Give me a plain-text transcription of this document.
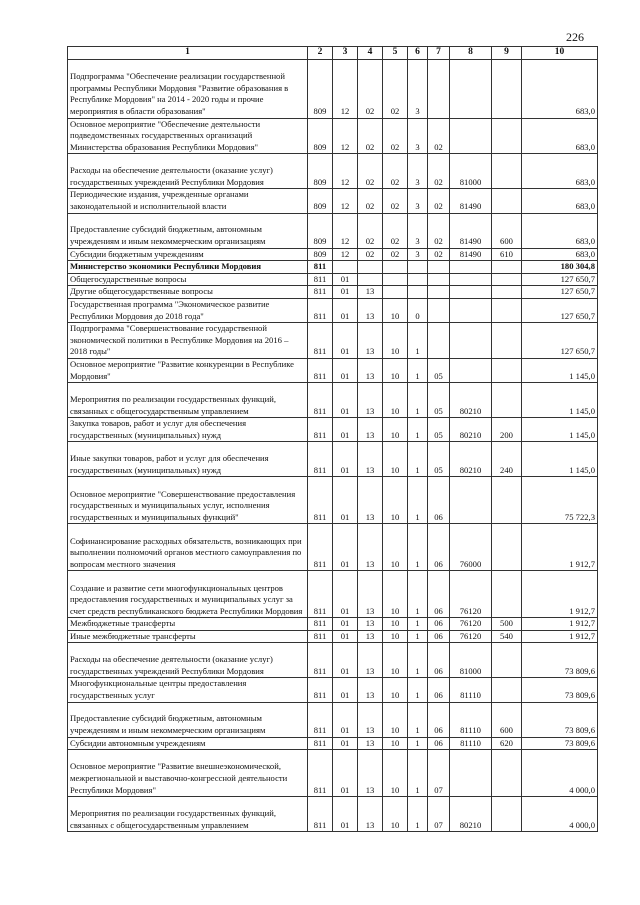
226
1	2	3	4	5	6	7	8	9	10
Подпрограмма "Обеспечение реализации государственной программы Республики Мордовия "Развитие образования в Республике Мордовия" на 2014 - 2020 годы и прочие мероприятия в области образования"	809	12	02	02	3				683,0
Основное мероприятие "Обеспечение деятельности подведомственных государственных организаций Министерства образования Республики Мордовия"	809	12	02	02	3	02			683,0
Расходы на обеспечение деятельности (оказание услуг) государственных учреждений Республики Мордовия	809	12	02	02	3	02	81000		683,0
Периодические издания, учрежденные органами законодательной и исполнительной власти	809	12	02	02	3	02	81490		683,0
Предоставление субсидий бюджетным, автономным учреждениям и иным некоммерческим организациям	809	12	02	02	3	02	81490	600	683,0
Субсидии бюджетным учреждениям	809	12	02	02	3	02	81490	610	683,0
Министерство экономики Республики Мордовия	811								180 304,8
Общегосударственные вопросы	811	01							127 650,7
Другие общегосударственные вопросы	811	01	13						127 650,7
Государственная программа "Экономическое развитие Республики Мордовия до 2018 года"	811	01	13	10	0				127 650,7
Подпрограмма "Совершенствование государственной экономической политики в Республике Мордовия на 2016 – 2018 годы"	811	01	13	10	1				127 650,7
Основное мероприятие "Развитие конкуренции в Республике Мордовия"	811	01	13	10	1	05			1 145,0
Мероприятия по реализации государственных функций, связанных с общегосударственным управлением	811	01	13	10	1	05	80210		1 145,0
Закупка товаров, работ и услуг для обеспечения государственных (муниципальных) нужд	811	01	13	10	1	05	80210	200	1 145,0
Иные закупки товаров, работ и услуг для обеспечения государственных (муниципальных) нужд	811	01	13	10	1	05	80210	240	1 145,0
Основное мероприятие "Совершенствование предоставления государственных и муниципальных услуг, исполнения государственных и муниципальных функций"	811	01	13	10	1	06			75 722,3
Софинансирование расходных обязательств, возникающих при выполнении полномочий органов местного самоуправления по вопросам местного значения	811	01	13	10	1	06	76000		1 912,7
Создание и развитие сети многофункциональных центров предоставления государственных и муниципальных услуг за счет средств республиканского бюджета Республики Мордовия	811	01	13	10	1	06	76120		1 912,7
Межбюджетные трансферты	811	01	13	10	1	06	76120	500	1 912,7
Иные межбюджетные трансферты	811	01	13	10	1	06	76120	540	1 912,7
Расходы на обеспечение деятельности (оказание услуг) государственных учреждений Республики Мордовия	811	01	13	10	1	06	81000		73 809,6
Многофункциональные центры предоставления государственных услуг	811	01	13	10	1	06	81110		73 809,6
Предоставление субсидий бюджетным, автономным учреждениям и иным некоммерческим организациям	811	01	13	10	1	06	81110	600	73 809,6
Субсидии автономным учреждениям	811	01	13	10	1	06	81110	620	73 809,6
Основное мероприятие "Развитие внешнеэкономической, межрегиональной и выставочно-конгрессной деятельности Республики Мордовия"	811	01	13	10	1	07			4 000,0
Мероприятия по реализации государственных функций, связанных с общегосударственным управлением	811	01	13	10	1	07	80210		4 000,0
